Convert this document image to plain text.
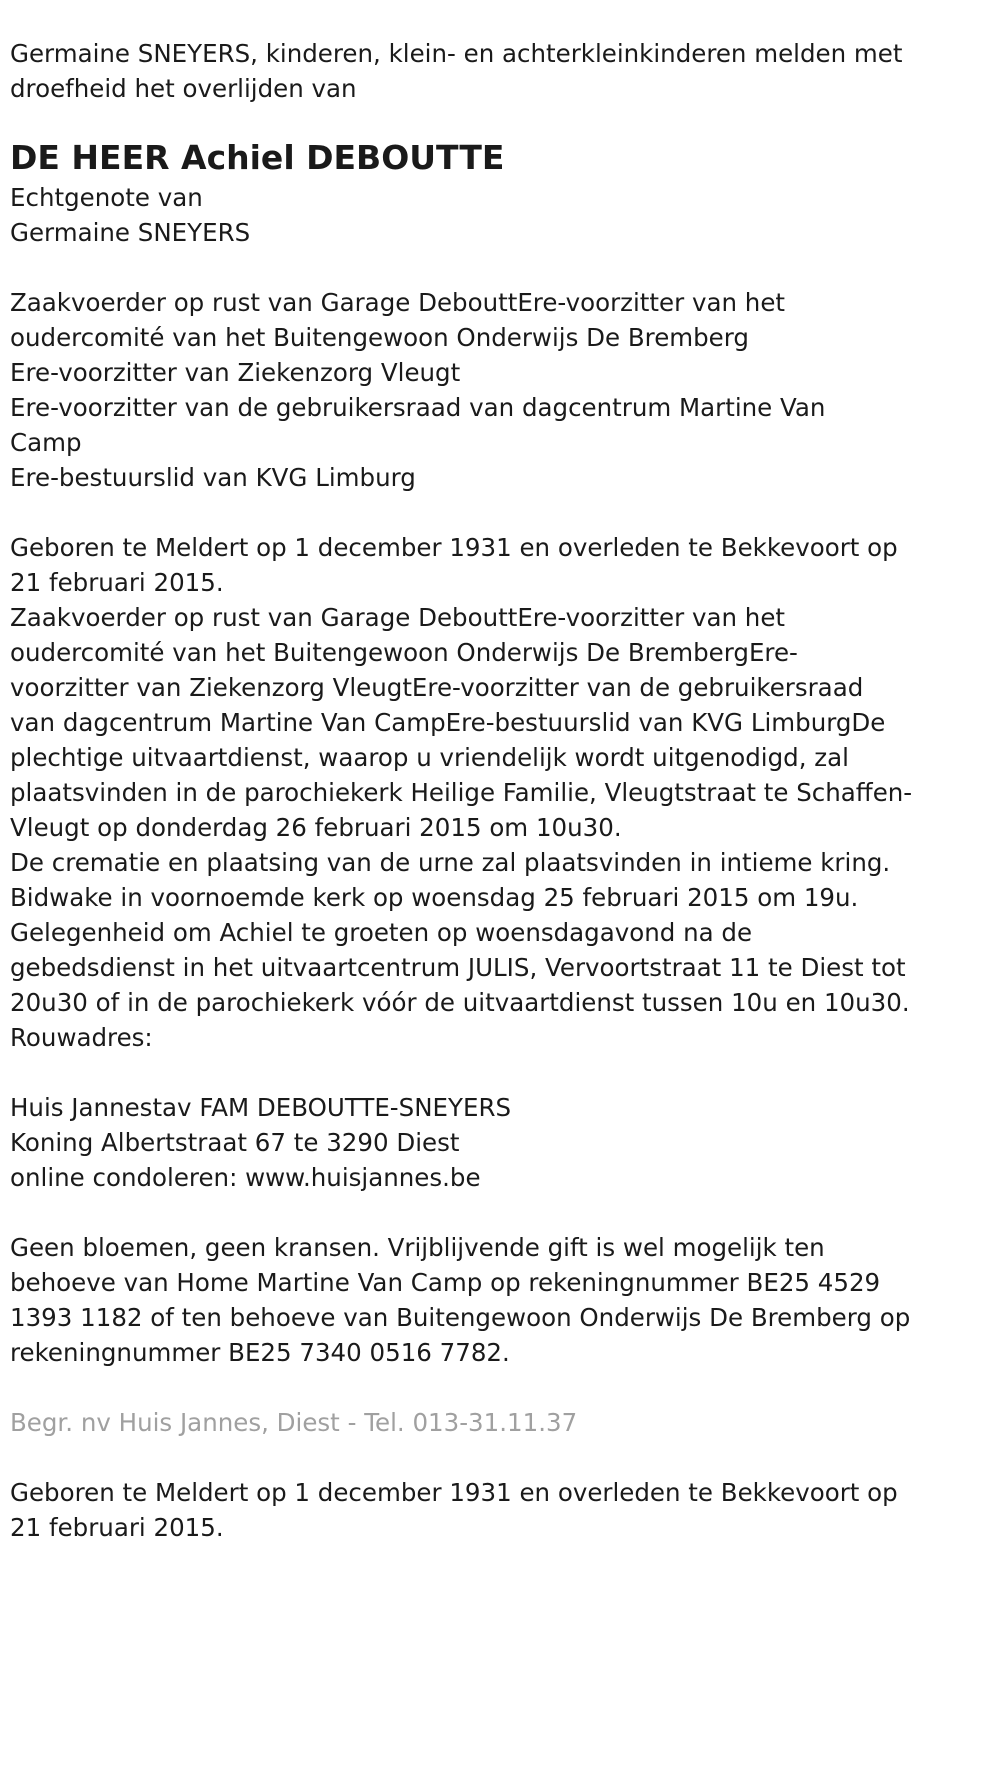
Germaine SNEYERS, kinderen, klein- en achterkleinkinderen melden met
droefheid het overlijden van
DE HEER Achiel DEBOUTTE
Echtgenote van
Germaine SNEYERS
Zaakvoerder op rust van Garage DebouttEre-voorzitter van het
oudercomité van het Buitengewoon Onderwijs De Bremberg
Ere-voorzitter van Ziekenzorg Vleugt
Ere-voorzitter van de gebruikersraad van dagcentrum Martine Van
Camp
Ere-bestuurslid van KVG Limburg
Geboren te Meldert op 1 december 1931 en overleden te Bekkevoort op
21 februari 2015.
Zaakvoerder op rust van Garage DebouttEre-voorzitter van het
oudercomité van het Buitengewoon Onderwijs De BrembergEre-
voorzitter van Ziekenzorg VleugtEre-voorzitter van de gebruikersraad
van dagcentrum Martine Van CampEre-bestuurslid van KVG LimburgDe
plechtige uitvaartdienst, waarop u vriendelijk wordt uitgenodigd, zal
plaatsvinden in de parochiekerk Heilige Familie, Vleugtstraat te Schaffen-
Vleugt op donderdag 26 februari 2015 om 10u30.
De crematie en plaatsing van de urne zal plaatsvinden in intieme kring.
Bidwake in voornoemde kerk op woensdag 25 februari 2015 om 19u.
Gelegenheid om Achiel te groeten op woensdagavond na de
gebedsdienst in het uitvaartcentrum JULIS, Vervoortstraat 11 te Diest tot
20u30 of in de parochiekerk vóór de uitvaartdienst tussen 10u en 10u30.
Rouwadres:
Huis Jannestav FAM DEBOUTTE-SNEYERS
Koning Albertstraat 67 te 3290 Diest
online condoleren: www.huisjannes.be
Geen bloemen, geen kransen. Vrijblijvende gift is wel mogelijk ten
behoeve van Home Martine Van Camp op rekeningnummer BE25 4529
1393 1182 of ten behoeve van Buitengewoon Onderwijs De Bremberg op
rekeningnummer BE25 7340 0516 7782.
Begr. nv Huis Jannes, Diest - Tel. 013-31.11.37
Geboren te Meldert op 1 december 1931 en overleden te Bekkevoort op
21 februari 2015.
